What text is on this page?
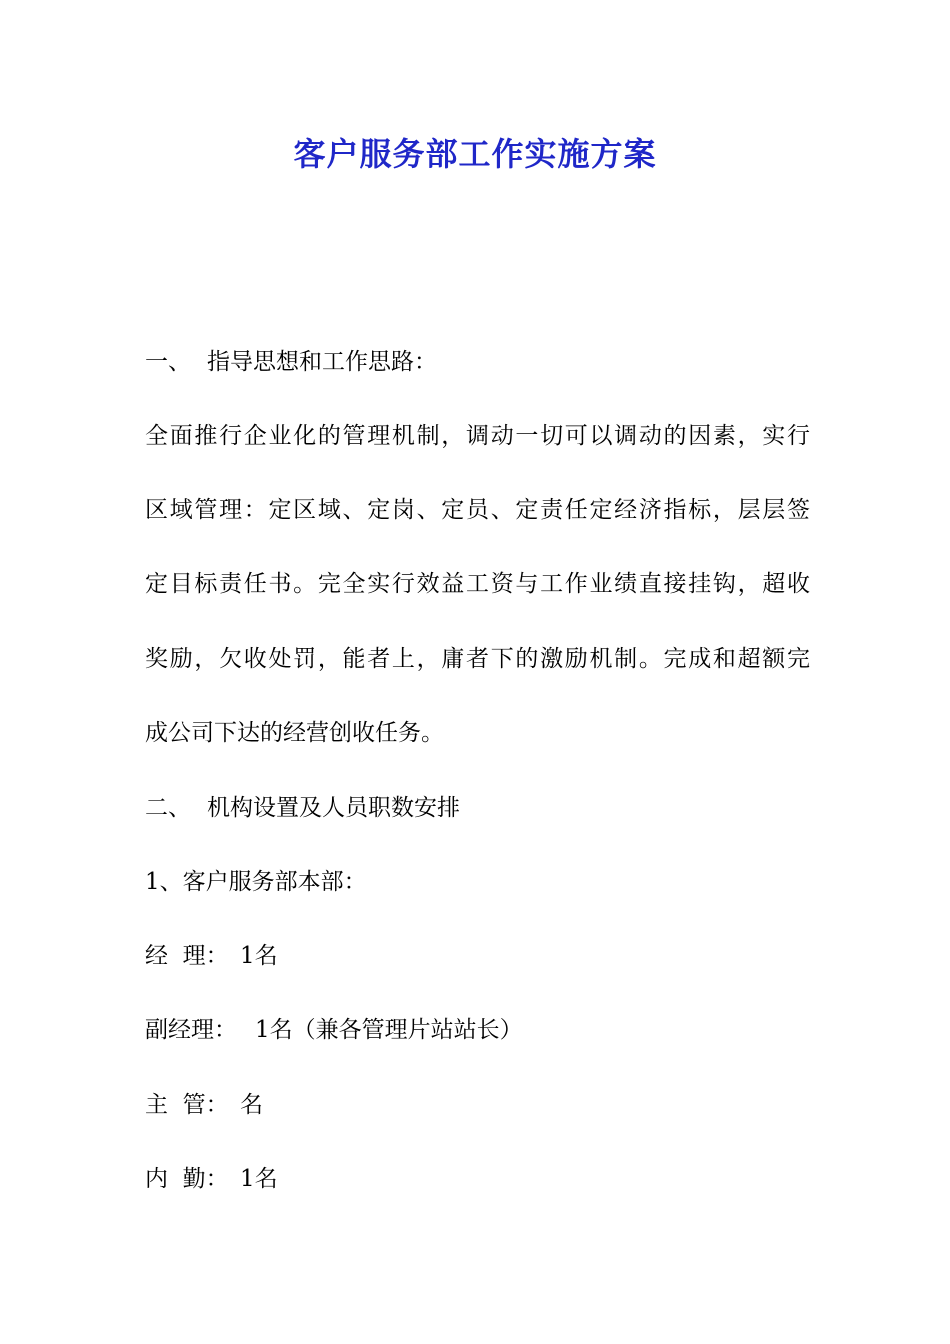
客户服务部工作实施方案
一、 指导思想和工作思路：
全面推行企业化的管理机制，调动一切可以调动的因素，实行
区域管理：定区域、定岗、定员、定责任定经济指标，层层签
定目标责任书。完全实行效益工资与工作业绩直接挂钩，超收
奖励，欠收处罚，能者上，庸者下的激励机制。完成和超额完
成公司下达的经营创收任务。
二、 机构设置及人员职数安排
1、客户服务部本部：
经  理： 1名
副经理： 1名（兼各管理片站站长）
主  管： 名
内  勤： 1名
